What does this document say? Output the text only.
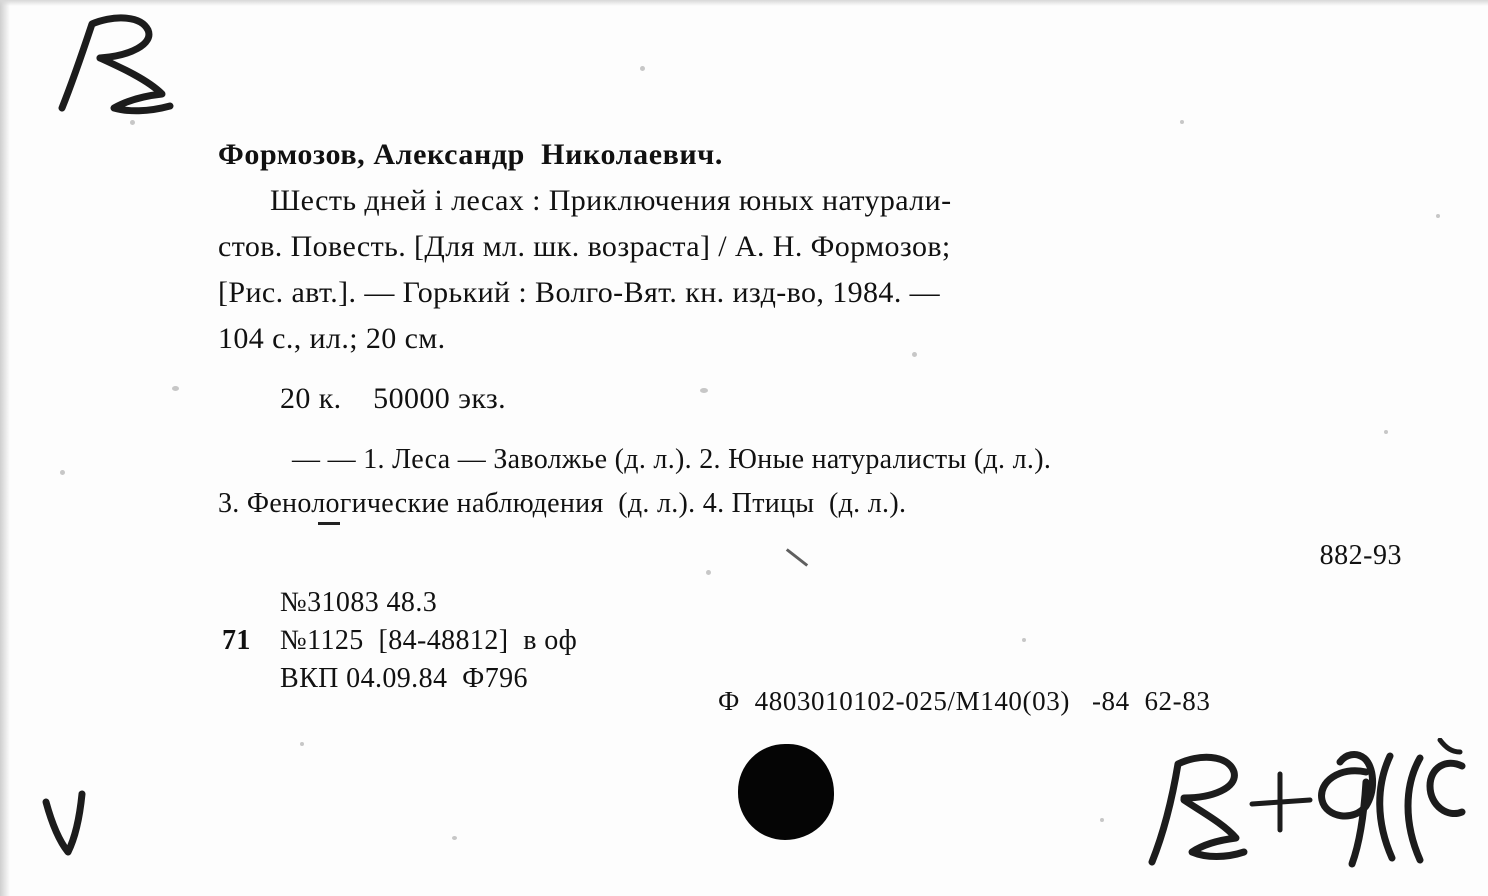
Формозов, Александр  Николаевич.
Шесть дней і лесах : Приключения юных натурали-
стов. Повесть. [Для мл. шк. возраста] / А. Н. Формозов;
[Рис. авт.]. — Горький : Волго-Вят. кн. изд-во, 1984. —
104 с., ил.; 20 см.
20 к.    50000 экз.
— — 1. Леса — Заволжье (д. л.). 2. Юные натуралисты (д. л.).
3. Фенологические наблюдения  (д. л.). 4. Птицы  (д. л.).
882-93
№31083 48.3
71 №1125  [84-48812]  в оф
ВКП 04.09.84  Ф796
Ф  4803010102-025/М140(03)   -84  62-83
